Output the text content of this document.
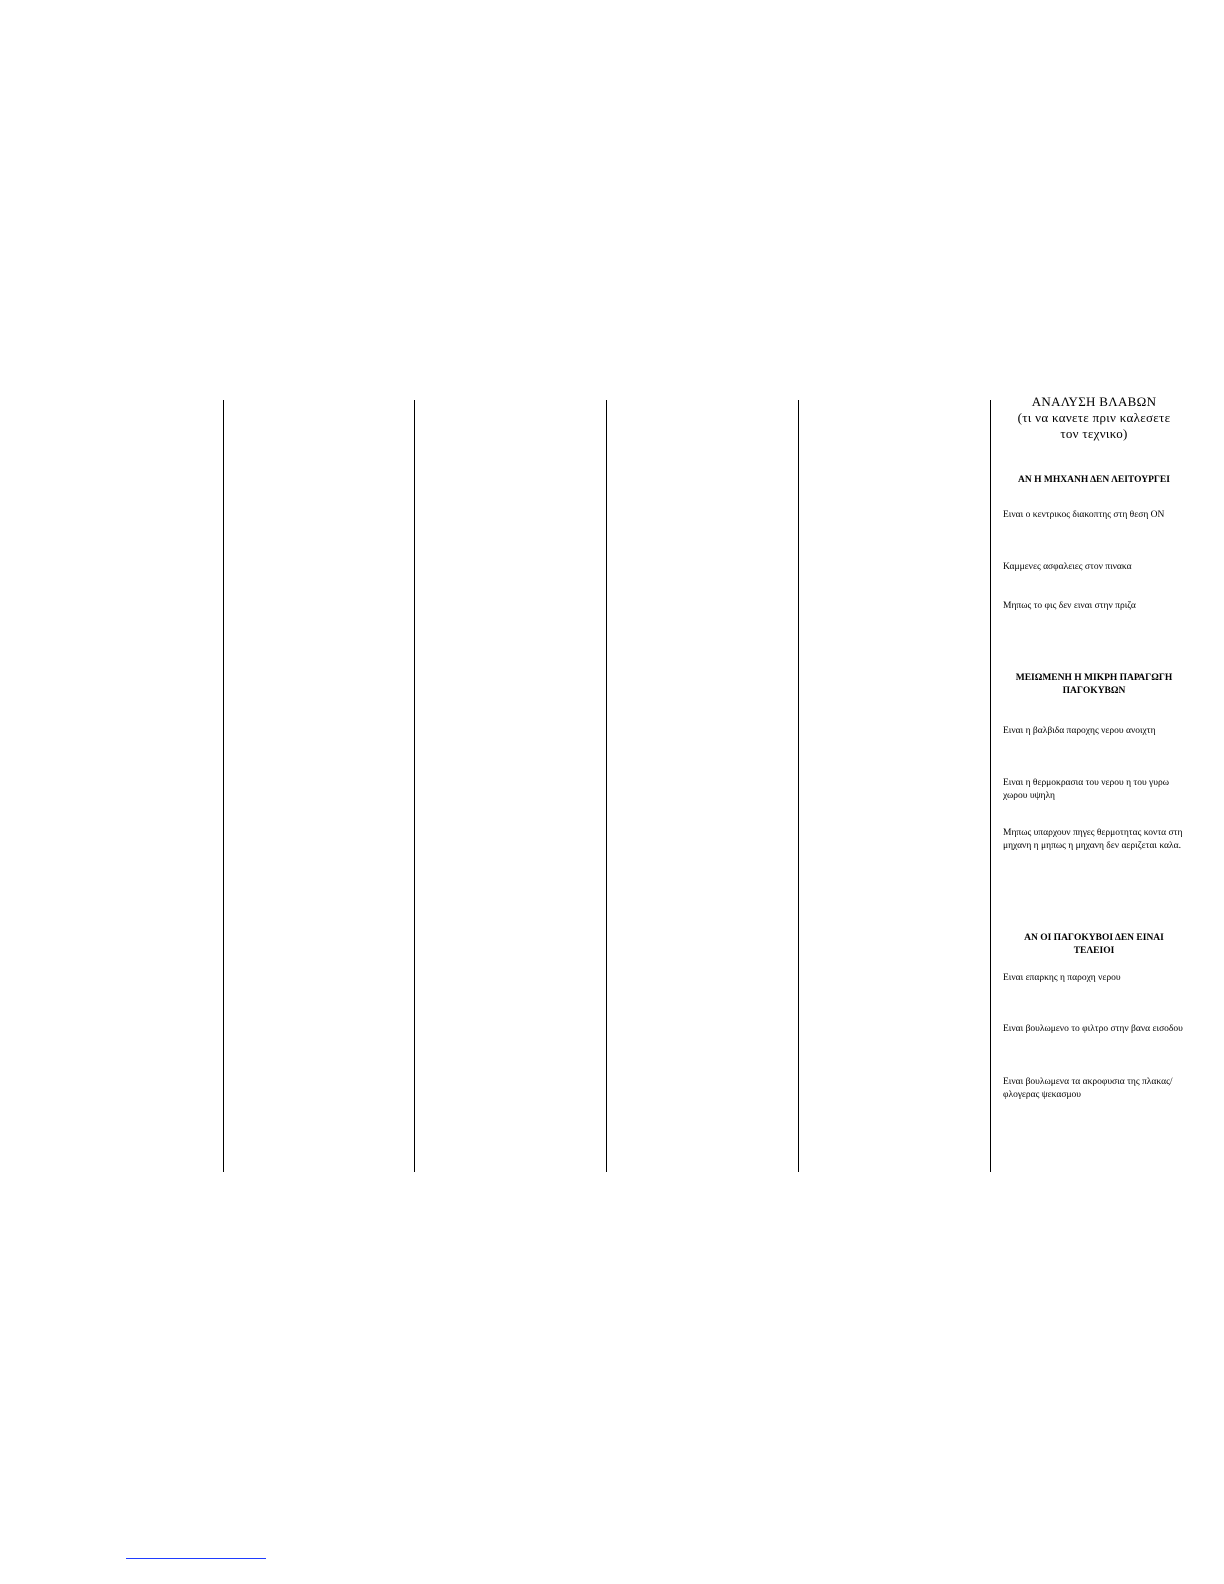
ΑΝΑΛΥΣΗ ΒΛΑΒΩΝ
(τι να κανετε πριν καλεσετε
τον τεχνικο)
ΑΝ Η ΜΗΧΑΝΗ ΔΕΝ ΛΕΙΤΟΥΡΓΕΙ
Ειναι ο κεντρικος διακοπτης στη θεση ON
Καμμενες ασφαλειες στον πινακα
Μηπως το φις δεν ειναι στην πριζα
ΜΕΙΩΜΕΝΗ Η ΜΙΚΡΗ ΠΑΡΑΓΩΓΗ
ΠΑΓΟΚΥΒΩΝ
Ειναι η βαλβιδα παροχης νερου ανοιχτη
Ειναι η θερμοκρασια του νερου η του γυρω χωρου υψηλη
Μηπως υπαρχουν πηγες θερμοτητας κοντα στη μηχανη η μηπως η μηχανη δεν αεριζεται καλα.
ΑΝ ΟΙ ΠΑΓΟΚΥΒΟΙ ΔΕΝ ΕΙΝΑΙ
ΤΕΛΕΙΟΙ
Ειναι επαρκης η παροχη νερου
Ειναι βουλωμενο το φιλτρο στην βανα εισοδου
Ειναι βουλωμενα τα ακροφυσια της πλακας/φλογερας ψεκασμου
